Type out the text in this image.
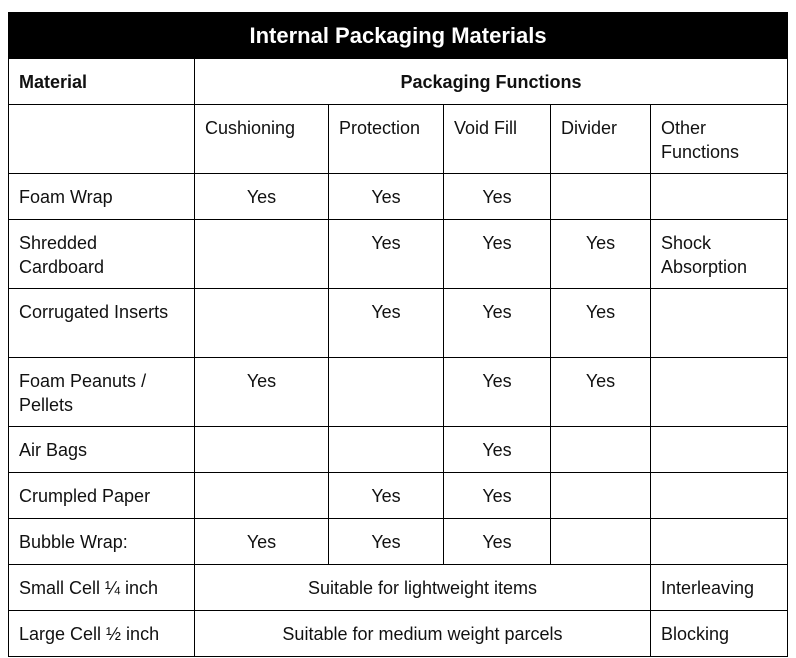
Internal Packaging Materials					
Material	Packaging Functions				
	Cushioning	Protection	Void Fill	Divider	Other Functions
Foam Wrap	Yes	Yes	Yes		
Shredded Cardboard		Yes	Yes	Yes	Shock Absorption
Corrugated Inserts		Yes	Yes	Yes	
Foam Peanuts / Pellets	Yes		Yes	Yes	
Air Bags			Yes		
Crumpled Paper		Yes	Yes		
Bubble Wrap:	Yes	Yes	Yes		
Small Cell ¼ inch	Suitable for lightweight items				Interleaving
Large Cell ½ inch	Suitable for medium weight parcels				Blocking
